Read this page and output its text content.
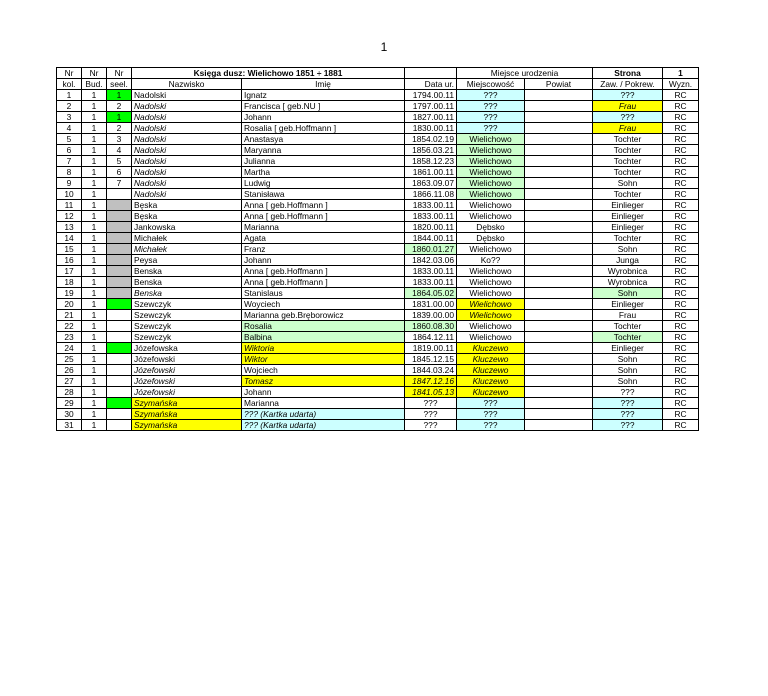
1
Nr	Nr	Nr	Księga dusz: Wielichowo 1851 ÷ 1881			Miejsce urodzenia		Strona	1
kol.	Bud.	seel.	Nazwisko	Imię	Data ur.	Miejscowość	Powiat	Zaw. / Pokrew.	Wyzn.
1	1	1	Nadolski	Ignatz	1794.00.11	???		???	RC
2	1	2	Nadolski	Francisca [ geb.NU ]	1797.00.11	???		Frau	RC
3	1	1	Nadolski	Johann	1827.00.11	???		???	RC
4	1	2	Nadolski	Rosalia [ geb.Hoffmann ]	1830.00.11	???		Frau	RC
5	1	3	Nadolski	Anastasya	1854.02.19	Wielichowo		Tochter	RC
6	1	4	Nadolski	Maryanna	1856.03.21	Wielichowo		Tochter	RC
7	1	5	Nadolski	Julianna	1858.12.23	Wielichowo		Tochter	RC
8	1	6	Nadolski	Martha	1861.00.11	Wielichowo		Tochter	RC
9	1	7	Nadolski	Ludwig	1863.09.07	Wielichowo		Sohn	RC
10	1		Nadolski	Stanisława	1866.11.08	Wielichowo		Tochter	RC
11	1		Bęska	Anna [ geb.Hoffmann ]	1833.00.11	Wielichowo		Einlieger	RC
12	1		Bęska	Anna [ geb.Hoffmann ]	1833.00.11	Wielichowo		Einlieger	RC
13	1		Jankowska	Marianna	1820.00.11	Dębsko		Einlieger	RC
14	1		Michałek	Agata	1844.00.11	Dębsko		Tochter	RC
15	1		Michałek	Franz	1860.01.27	Wielichowo		Sohn	RC
16	1		Peysa	Johann	1842.03.06	Ko??		Junga	RC
17	1		Benska	Anna [ geb.Hoffmann ]	1833.00.11	Wielichowo		Wyrobnica	RC
18	1		Benska	Anna [ geb.Hoffmann ]	1833.00.11	Wielichowo		Wyrobnica	RC
19	1		Benska	Stanislaus	1864.05.02	Wielichowo		Sohn	RC
20	1		Szewczyk	Woyciech	1831.00.00	Wielichowo		Einlieger	RC
21	1		Szewczyk	Marianna geb.Bręborowicz	1839.00.00	Wielichowo		Frau	RC
22	1		Szewczyk	Rosalia	1860.08.30	Wielichowo		Tochter	RC
23	1		Szewczyk	Balbina	1864.12.11	Wielichowo		Tochter	RC
24	1		Józefowska	Wiktoria	1819.00.11	Kluczewo		Einlieger	RC
25	1		Józefowski	Wiktor	1845.12.15	Kluczewo		Sohn	RC
26	1		Józefowski	Wojciech	1844.03.24	Kluczewo		Sohn	RC
27	1		Józefowski	Tomasz	1847.12.16	Kluczewo		Sohn	RC
28	1		Józefowski	Johann	1841.05.13	Kluczewo		???	RC
29	1		Szymańska	Marianna	???	???		???	RC
30	1		Szymańska	??? (Kartka udarta)	???	???		???	RC
31	1		Szymańska	??? (Kartka udarta)	???	???		???	RC
